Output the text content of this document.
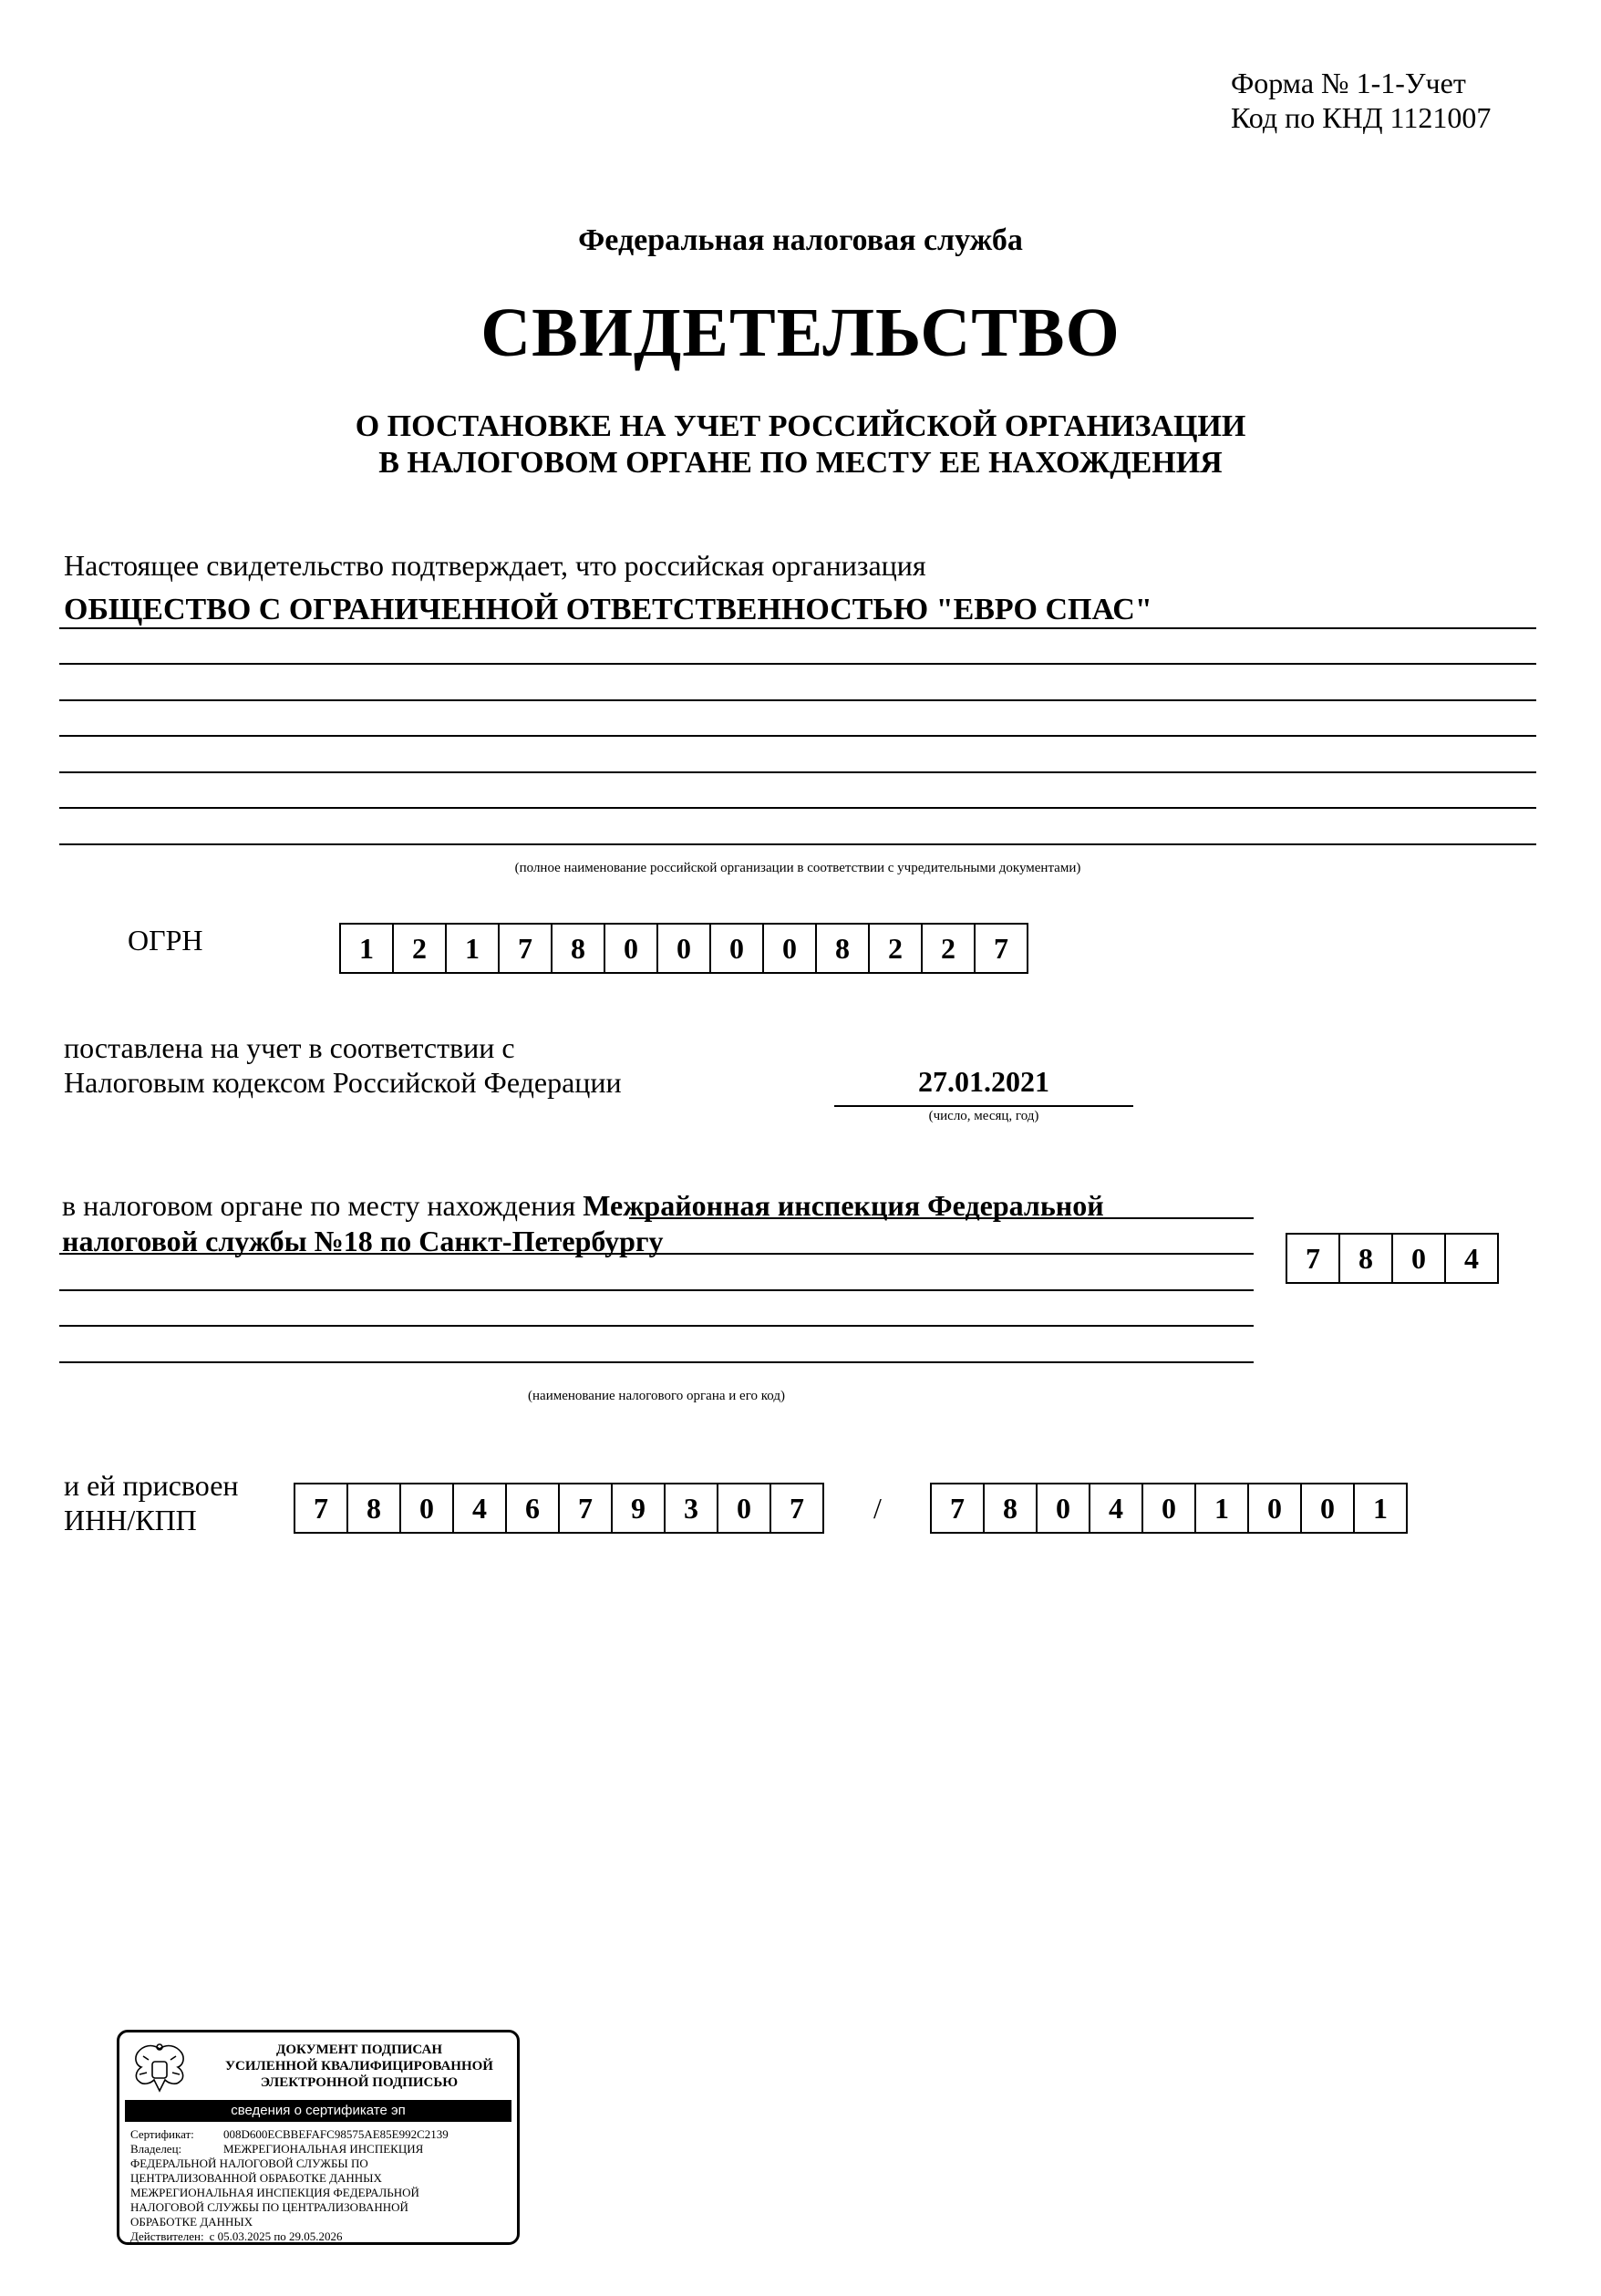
Форма № 1-1-Учет
Код по КНД 1121007
Федеральная налоговая служба
СВИДЕТЕЛЬСТВО
О ПОСТАНОВКЕ НА УЧЕТ РОССИЙСКОЙ ОРГАНИЗАЦИИ
В НАЛОГОВОМ ОРГАНЕ ПО МЕСТУ ЕЕ НАХОЖДЕНИЯ
Настоящее свидетельство подтверждает, что российская организация
ОБЩЕСТВО С ОГРАНИЧЕННОЙ ОТВЕТСТВЕННОСТЬЮ "ЕВРО СПАС"
(полное наименование российской организации в соответствии с учредительными документами)
ОГРН	1	2	1	7	8	0	0	0	0	8	2	2	7
поставлена на учет в соответствии с
Налоговым кодексом Российской Федерации	27.01.2021
(число, месяц, год)
в налоговом органе по месту нахождения Межрайонная инспекция Федеральной
налоговой службы №18 по Санкт-Петербургу
7	8	0	4
(наименование налогового органа и его код)
и ей присвоен
ИНН/КПП	7	8	0	4	6	7	9	3	0	7	/	7	8	0	4	0	1	0	0	1
ДОКУМЕНТ ПОДПИСАН
УСИЛЕННОЙ КВАЛИФИЦИРОВАННОЙ
ЭЛЕКТРОННОЙ ПОДПИСЬЮ
сведения о сертификате эп
Сертификат:	008D600ECBBEFAFC98575AE85E992C2139
Владелец:	МЕЖРЕГИОНАЛЬНАЯ ИНСПЕКЦИЯ
ФЕДЕРАЛЬНОЙ НАЛОГОВОЙ СЛУЖБЫ ПО
ЦЕНТРАЛИЗОВАННОЙ ОБРАБОТКЕ ДАННЫХ
МЕЖРЕГИОНАЛЬНАЯ ИНСПЕКЦИЯ ФЕДЕРАЛЬНОЙ
НАЛОГОВОЙ СЛУЖБЫ ПО ЦЕНТРАЛИЗОВАННОЙ
ОБРАБОТКЕ ДАННЫХ
Действителен: с 05.03.2025 по 29.05.2026
